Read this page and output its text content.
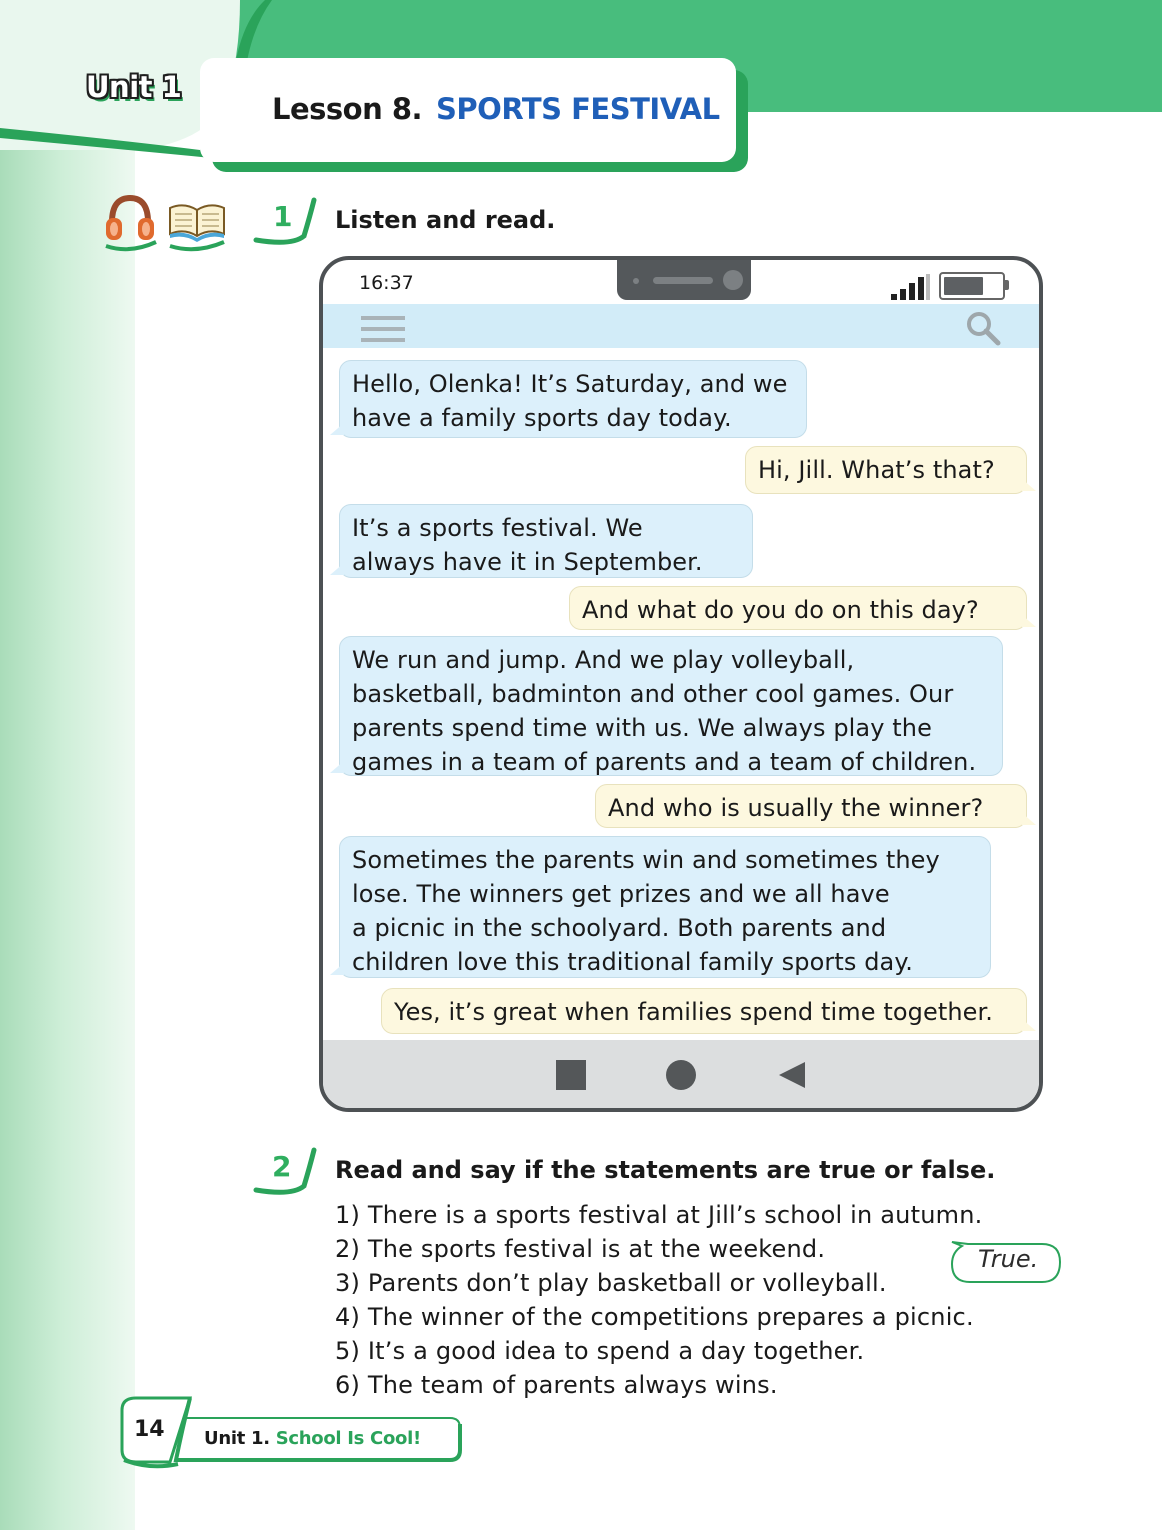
Unit 1
Lesson 8. SPORTS FESTIVAL
1 Listen and read.
16:37
Hello, Olenka! It’s Saturday, and we
have a family sports day today.
Hi, Jill. What’s that?
It’s a sports festival. We
always have it in September.
And what do you do on this day?
We run and jump. And we play volleyball,
basketball, badminton and other cool games. Our
parents spend time with us. We always play the
games in a team of parents and a team of children.
And who is usually the winner?
Sometimes the parents win and sometimes they
lose. The winners get prizes and we all have
a picnic in the schoolyard. Both parents and
children love this traditional family sports day.
Yes, it’s great when families spend time together.
2 Read and say if the statements are true or false.
1) There is a sports festival at Jill’s school in autumn.
2) The sports festival is at the weekend.
3) Parents don’t play basketball or volleyball.
4) The winner of the competitions prepares a picnic.
5) It’s a good idea to spend a day together.
6) The team of parents always wins.
True.
14 Unit 1. School Is Cool!
